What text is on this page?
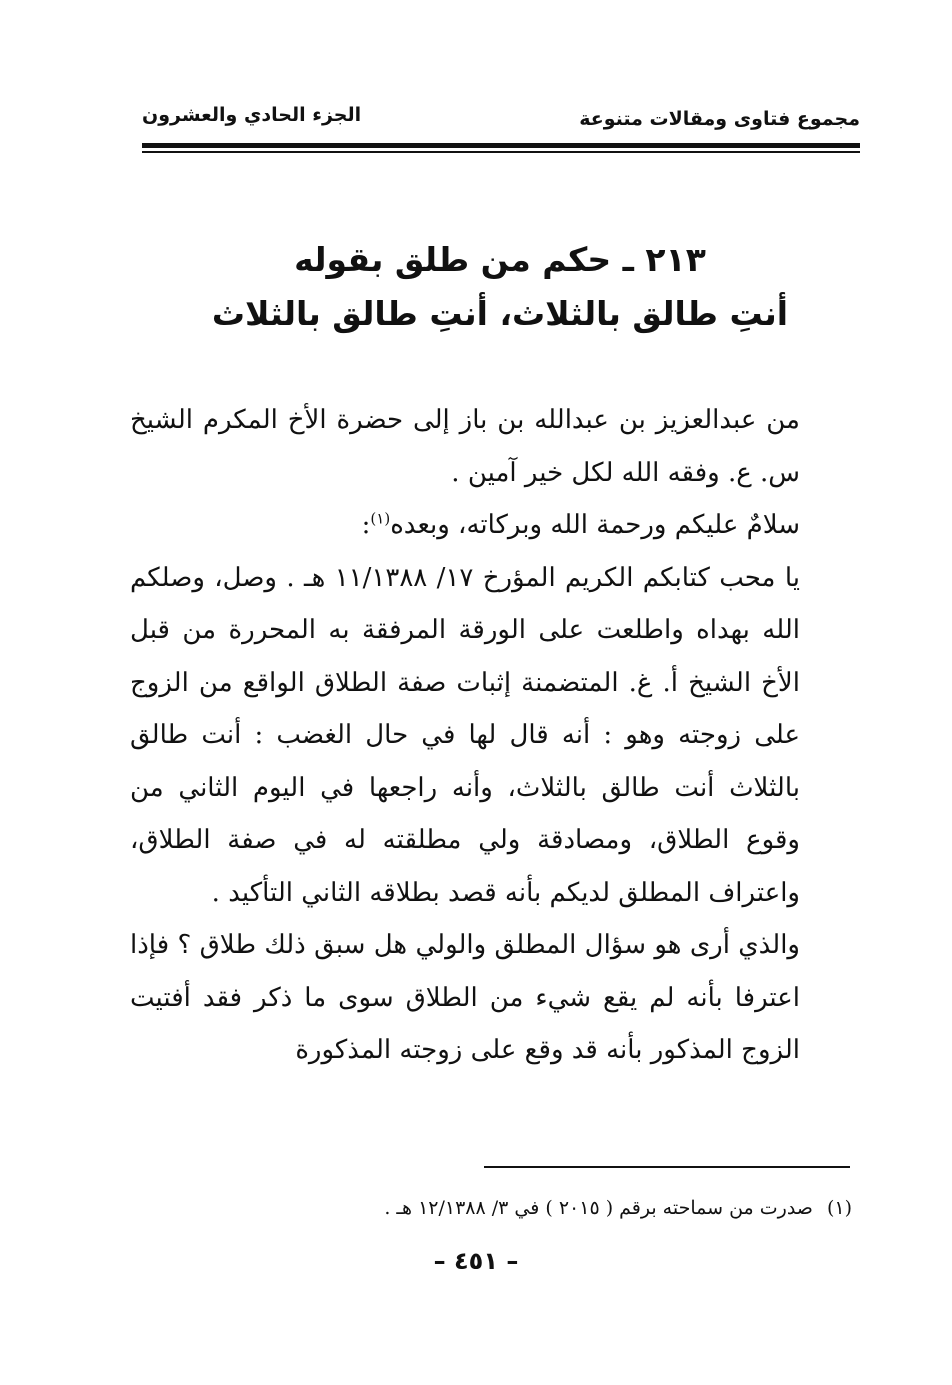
مجموع فتاوى ومقالات متنوعة
الجزء الحادي والعشرون
٢١٣ ـ حكم من طلق بقوله
أنتِ طالق بالثلاث، أنتِ طالق بالثلاث

من عبدالعزيز بن عبدالله بن باز إلى حضرة الأخ المكرم الشيخ س. ع. وفقه الله لكل خير آمين .

سلامٌ عليكم ورحمة الله وبركاته، وبعده$^{(١)}$:

يا محب كتابكم الكريم المؤرخ ١٧/ ١١/١٣٨٨ هـ . وصل، وصلكم الله بهداه واطلعت على الورقة المرفقة به المحررة من قبل الأخ الشيخ أ. غ. المتضمنة إثبات صفة الطلاق الواقع من الزوج على زوجته وهو : أنه قال لها في حال الغضب : أنت طالق بالثلاث أنت طالق بالثلاث، وأنه راجعها في اليوم الثاني من وقوع الطلاق، ومصادقة ولي مطلقته له في صفة الطلاق، واعتراف المطلق لديكم بأنه قصد بطلاقه الثاني التأكيد .

والذي أرى هو سؤال المطلق والولي هل سبق ذلك طلاق ؟ فإذا اعترفا بأنه لم يقع شيء من الطلاق سوى ما ذكر فقد أفتيت الزوج المذكور بأنه قد وقع على زوجته المذكورة

(١)صدرت من سماحته برقم ( ٢٠١٥ ) في ٣/ ١٢/١٣٨٨ هـ .
– ٤٥١ –
